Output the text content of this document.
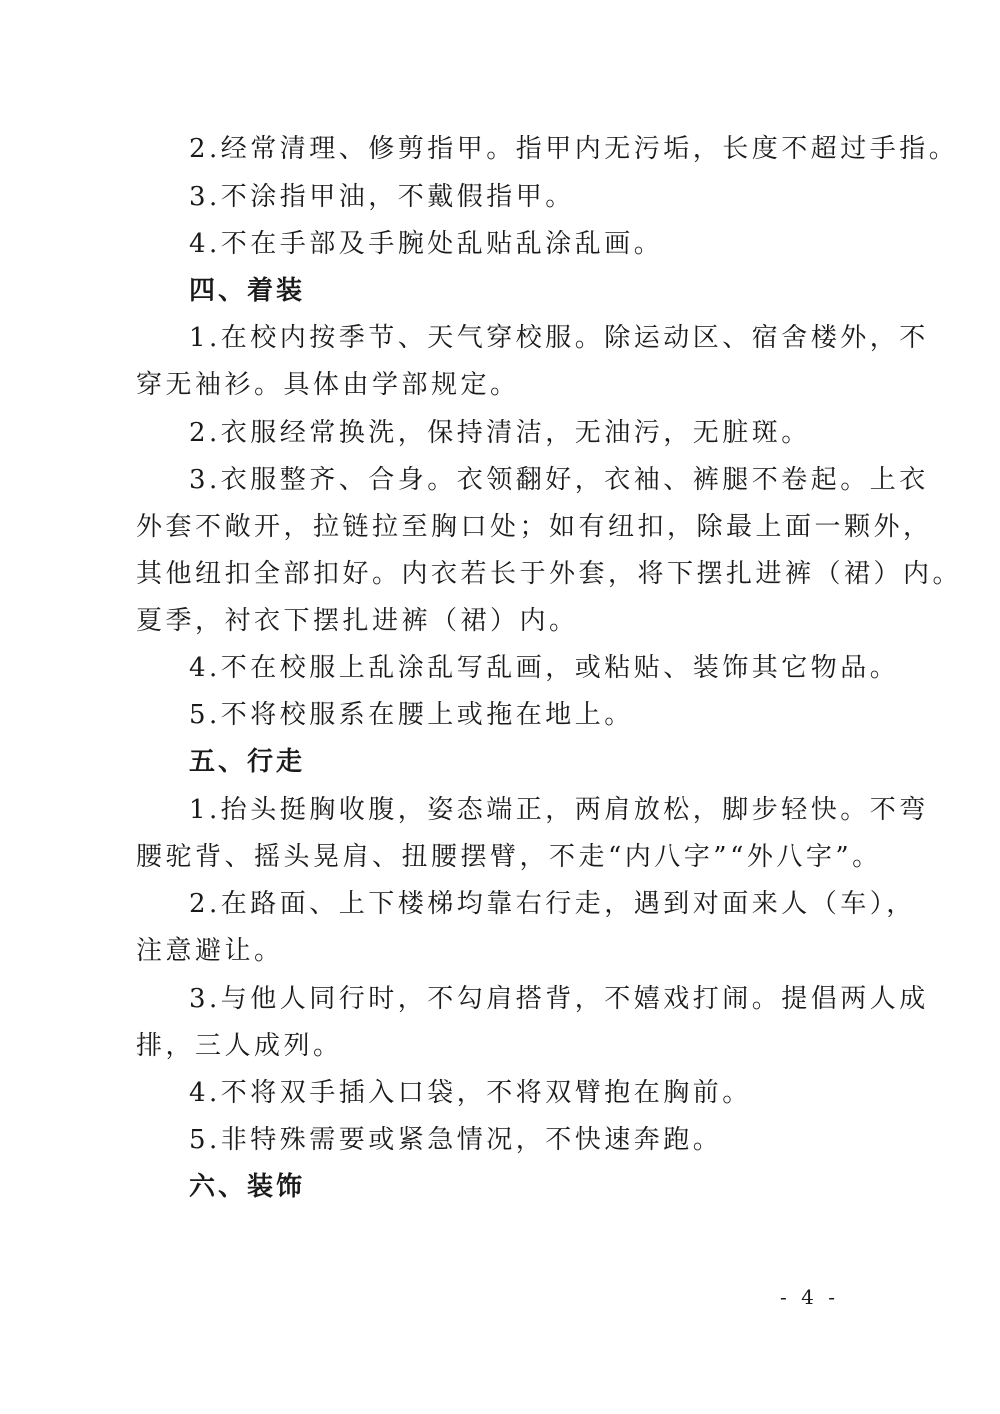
2.经常清理、修剪指甲。指甲内无污垢，长度不超过手指。
3.不涂指甲油，不戴假指甲。
4.不在手部及手腕处乱贴乱涂乱画。
四、着装
1.在校内按季节、天气穿校服。除运动区、宿舍楼外，不
穿无袖衫。具体由学部规定。
2.衣服经常换洗，保持清洁，无油污，无脏斑。
3.衣服整齐、合身。衣领翻好，衣袖、裤腿不卷起。上衣
外套不敞开，拉链拉至胸口处；如有纽扣，除最上面一颗外，
其他纽扣全部扣好。内衣若长于外套，将下摆扎进裤（裙）内。
夏季，衬衣下摆扎进裤（裙）内。
4.不在校服上乱涂乱写乱画，或粘贴、装饰其它物品。
5.不将校服系在腰上或拖在地上。
五、行走
1.抬头挺胸收腹，姿态端正，两肩放松，脚步轻快。不弯
腰驼背、摇头晃肩、扭腰摆臂，不走“内八字”“外八字”。
2.在路面、上下楼梯均靠右行走，遇到对面来人（车），
注意避让。
3.与他人同行时，不勾肩搭背，不嬉戏打闹。提倡两人成
排，三人成列。
4.不将双手插入口袋，不将双臂抱在胸前。
5.非特殊需要或紧急情况，不快速奔跑。
六、装饰
- 4 -
